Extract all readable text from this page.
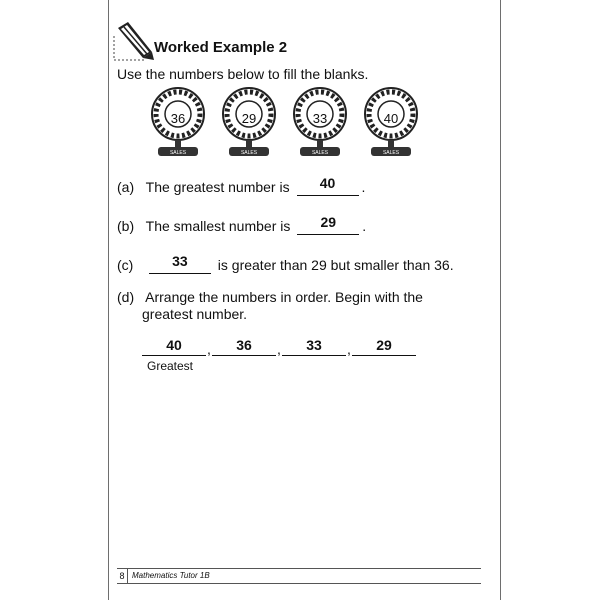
Worked Example 2
Use the numbers below to fill the blanks.
SALES
36
SALES
29
SALES
33
SALES
40
(a) The greatest number is	40	.
(b) The smallest number is	29	.
(c)	33	is greater than 29 but smaller than 36.
(d) Arrange the numbers in order. Begin with the
greatest number.
40	,	36	,	33	,	29
Greatest
8 Mathematics Tutor 1B
